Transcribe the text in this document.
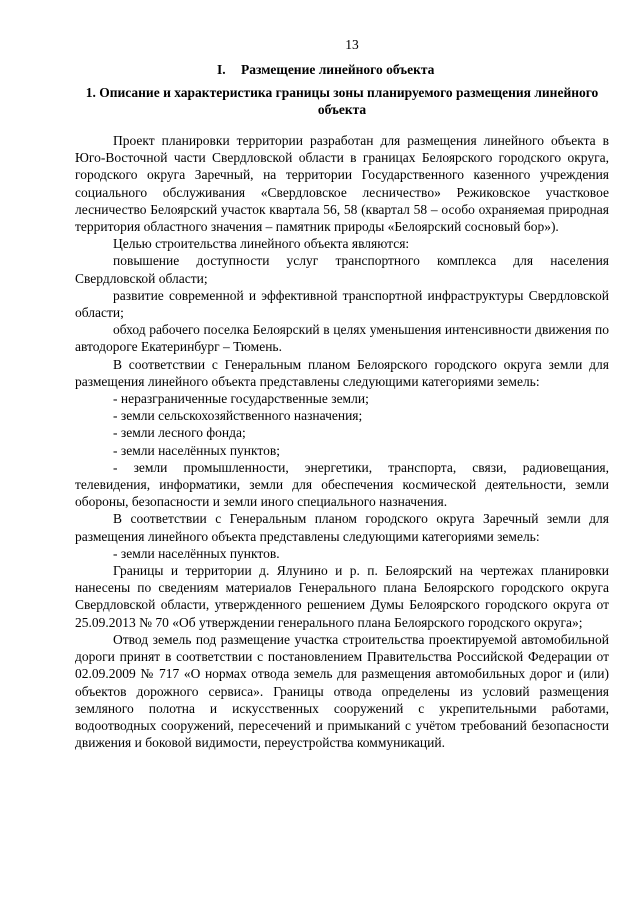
13
I. Размещение линейного объекта
1. Описание и характеристика границы зоны планируемого размещения линейного объекта

Проект планировки территории разработан для размещения линейного объекта в Юго-Восточной части Свердловской области в границах Белоярского городского округа, городского округа Заречный, на территории Государственного казенного учреждения социального обслуживания «Свердловское лесничество» Режиковское участковое лесничество Белоярский участок квартала 56, 58 (квартал 58 – особо охраняемая природная территория областного значения – памятник природы «Белоярский сосновый бор»).

Целью строительства линейного объекта являются:

повышение доступности услуг транспортного комплекса для населения Свердловской области;

развитие современной и эффективной транспортной инфраструктуры Свердловской области;

обход рабочего поселка Белоярский в целях уменьшения интенсивности движения по автодороге Екатеринбург – Тюмень.

В соответствии с Генеральным планом Белоярского городского округа земли для размещения линейного объекта представлены следующими категориями земель:

- неразграниченные государственные земли;

- земли сельскохозяйственного назначения;

- земли лесного фонда;

- земли населённых пунктов;

- земли промышленности, энергетики, транспорта, связи, радиовещания, телевидения, информатики, земли для обеспечения космической деятельности, земли обороны, безопасности и земли иного специального назначения.

В соответствии с Генеральным планом городского округа Заречный земли для размещения линейного объекта представлены следующими категориями земель:

- земли населённых пунктов.

Границы и территории д. Ялунино и р. п. Белоярский на чертежах планировки нанесены по сведениям материалов Генерального плана Белоярского городского округа Свердловской области, утвержденного решением Думы Белоярского городского округа от 25.09.2013 № 70 «Об утверждении генерального плана Белоярского городского округа»;

Отвод земель под размещение участка строительства проектируемой автомобильной дороги принят в соответствии с постановлением Правительства Российской Федерации от 02.09.2009 № 717 «О нормах отвода земель для размещения автомобильных дорог и (или) объектов дорожного сервиса». Границы отвода определены из условий размещения земляного полотна и искусственных сооружений с укрепительными работами, водоотводных сооружений, пересечений и примыканий с учётом требований безопасности движения и боковой видимости, переустройства коммуникаций.
